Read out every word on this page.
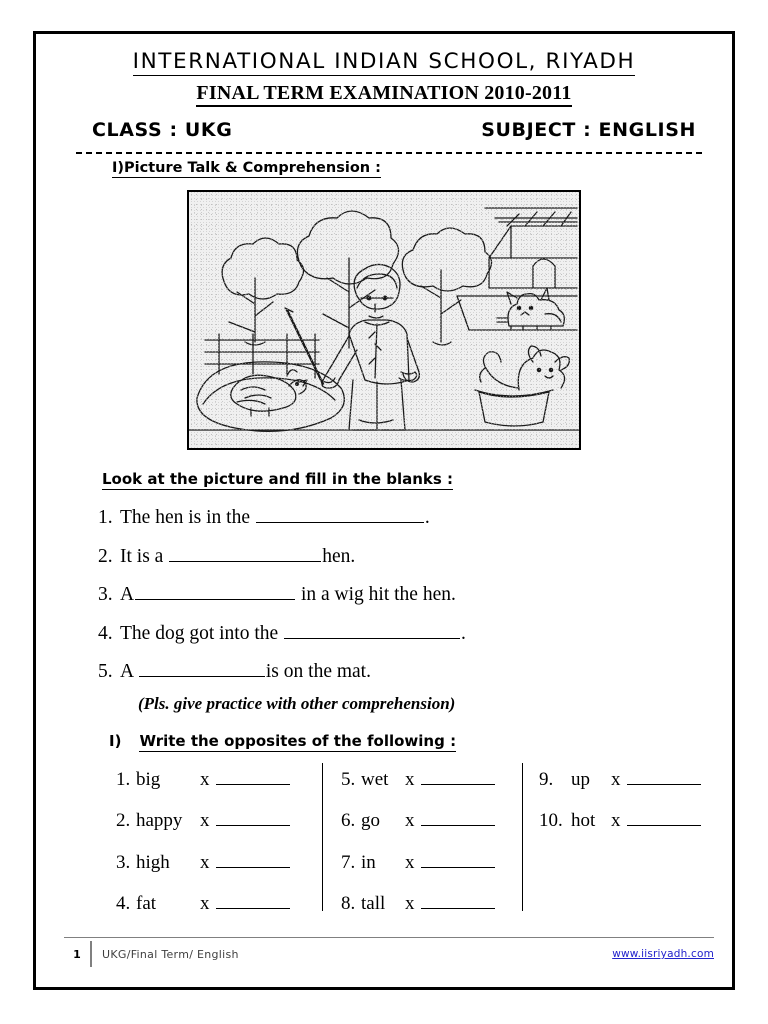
INTERNATIONAL INDIAN SCHOOL, RIYADH
FINAL TERM EXAMINATION 2010-2011
CLASS : UKG	SUBJECT : ENGLISH
I)Picture Talk & Comprehension :
Look at the picture and fill in the blanks :
1. The hen is in the	.
2. It is a	hen.
3. A	in a wig hit the hen.
4. The dog got into the	.
5. A	is on the mat.
(Pls. give practice with other comprehension)
I) Write the opposites of the following :
1. big	x
2. happy x
3. high	x
4. fat	x
5. wet x
6. go	x
7. in	x
8. tall	x
9. up	x
10. hot x
1	UKG/Final Term/ English	www.iisriyadh.com
